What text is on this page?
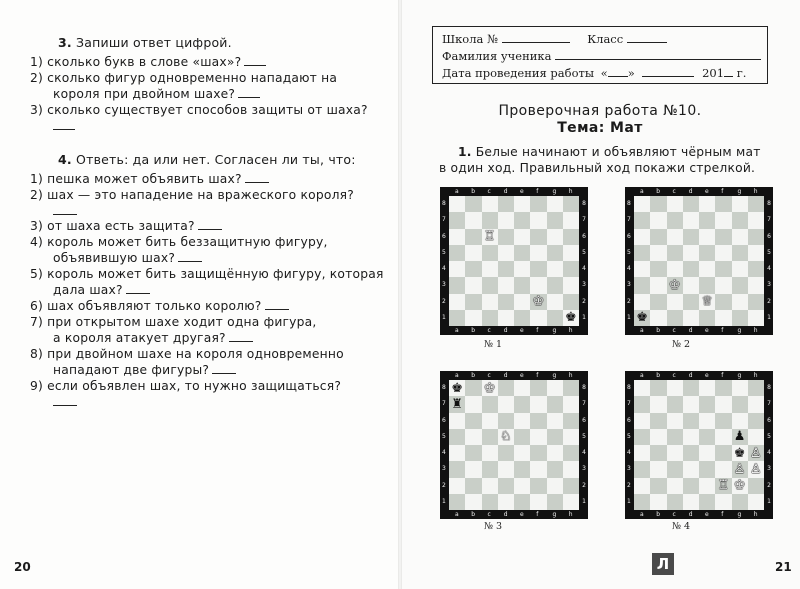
3. Запиши ответ цифрой.
1) сколько букв в слове «шах»?
2) сколько фигур одновременно нападают на
короля при двойном шахе?
3) сколько существует способов защиты от шаха?
4. Ответь: да или нет. Согласен ли ты, что:
1) пешка может объявить шах?
2) шах — это нападение на вражеского короля?
3) от шаха есть защита?
4) король может бить беззащитную фигуру,
объявившую шах?
5) король может бить защищённую фигуру, которая
дала шах?
6) шах объявляют только королю?
7) при открытом шахе ходит одна фигура,
а короля атакует другая?
8) при двойном шахе на короля одновременно
нападают две фигуры?
9) если объявлен шах, то нужно защищаться?
Школа №	Класс
Фамилия ученика
Дата проведения работы « »	201 г.
Проверочная работа №10.
Тема: Мат
1. Белые начинают и объявляют чёрным мат
в один ход. Правильный ход покажи стрелкой.
♖
♔
♚
a
a
b
b
c
c
d
d
e
e
f
f
g
g
h
h
8	8
7	7
6	6
5	5
4	4
3	3
2	2
1	1
№ 1
♔
♕
♚
a
a
b
b
c
c
d
d
e
e
f
f
g
g
h
h
8	8
7	7
6	6
5	5
4	4
3	3
2	2
1	1
№ 2
♚ ♔
♜
♘
a
a
b
b
c
c
d
d
e
e
f
f
g
g
h
h
8	8
7	7
6	6
5	5
4	4
3	3
2	2
1	1
№ 3
♟
♚ ♙
♙ ♙
♖ ♔
a
a
b
b
c
c
d
d
e
e
f
f
g
g
h
h
8	8
7	7
6	6
5	5
4	4
3	3
2	2
1	1
№ 4
20	21
Л
